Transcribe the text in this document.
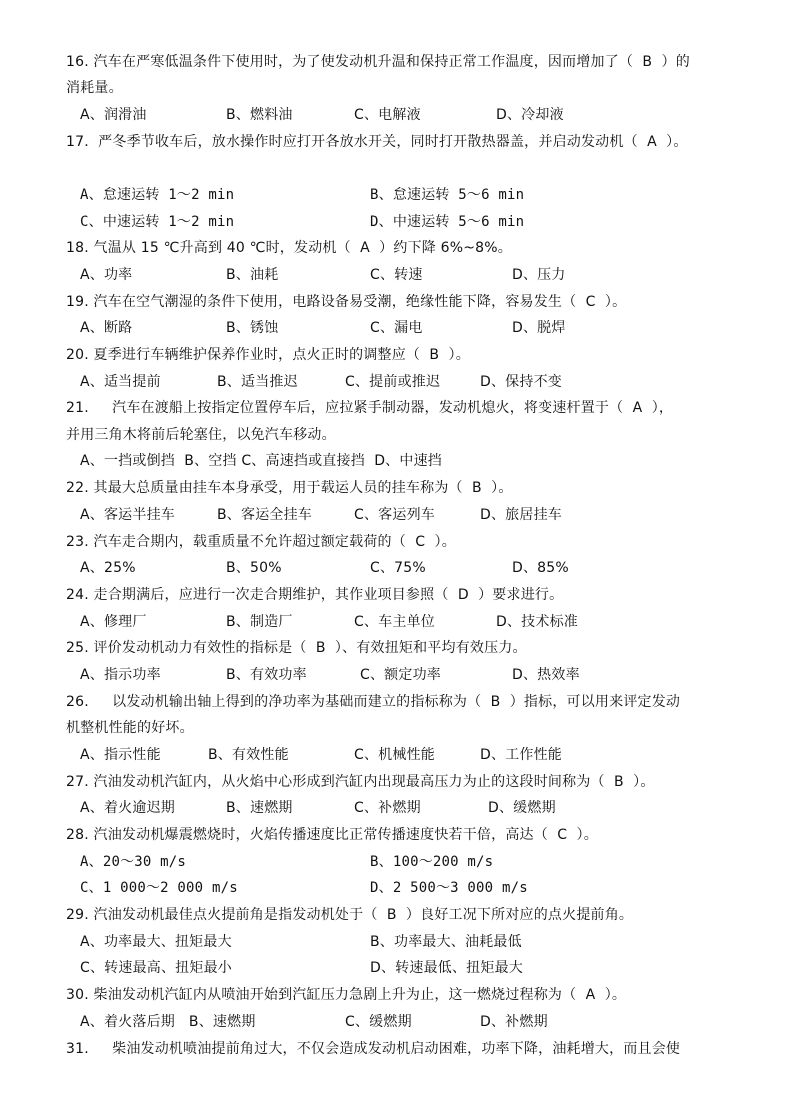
16. 汽车在严寒低温条件下使用时，为了使发动机升温和保持正常工作温度，因而增加了（  B  ）的
消耗量。
A、润滑油	B、燃料油	C、电解液	D、冷却液
17.  严冬季节收车后，放水操作时应打开各放水开关，同时打开散热器盖，并启动发动机（  A  ）。
A、怠速运转 1～2 min	B、怠速运转 5～6 min
C、中速运转 1～2 min	D、中速运转 5～6 min
18. 气温从 15 ℃升高到 40 ℃时，发动机（  A  ）约下降 6%~8%。
A、功率	B、油耗	C、转速	D、压力
19. 汽车在空气潮湿的条件下使用，电路设备易受潮，绝缘性能下降，容易发生（  C  ）。
A、断路	B、锈蚀	C、漏电	D、脱焊
20. 夏季进行车辆维护保养作业时，点火正时的调整应（  B  ）。
A、适当提前	B、适当推迟	C、提前或推迟	D、保持不变
21.     汽车在渡船上按指定位置停车后，应拉紧手制动器，发动机熄火，将变速杆置于（  A  ），
并用三角木将前后轮塞住，以免汽车移动。
A、一挡或倒挡  B、空挡 C、高速挡或直接挡  D、中速挡
22. 其最大总质量由挂车本身承受，用于载运人员的挂车称为（  B  ）。
A、客运半挂车	B、客运全挂车	C、客运列车	D、旅居挂车
23. 汽车走合期内，载重质量不允许超过额定载荷的（  C  ）。
A、25%	B、50%	C、75%	D、85%
24. 走合期满后，应进行一次走合期维护，其作业项目参照（  D  ）要求进行。
A、修理厂	B、制造厂	C、车主单位	D、技术标准
25. 评价发动机动力有效性的指标是（  B  ）、有效扭矩和平均有效压力。
A、指示功率	B、有效功率	C、额定功率	D、热效率
26.     以发动机输出轴上得到的净功率为基础而建立的指标称为（  B  ）指标，可以用来评定发动
机整机性能的好坏。
A、指示性能	B、有效性能	C、机械性能	D、工作性能
27. 汽油发动机汽缸内，从火焰中心形成到汽缸内出现最高压力为止的这段时间称为（  B  ）。
A、着火逾迟期	B、速燃期	C、补燃期	D、缓燃期
28. 汽油发动机爆震燃烧时，火焰传播速度比正常传播速度快若干倍，高达（  C  ）。
A、20～30 m/s	B、100～200 m/s
C、1 000～2 000 m/s	D、2 500～3 000 m/s
29. 汽油发动机最佳点火提前角是指发动机处于（  B  ）良好工况下所对应的点火提前角。
A、功率最大、扭矩最大	B、功率最大、油耗最低
C、转速最高、扭矩最小	D、转速最低、扭矩最大
30. 柴油发动机汽缸内从喷油开始到汽缸压力急剧上升为止，这一燃烧过程称为（  A  ）。
A、着火落后期   B、速燃期	C、缓燃期	D、补燃期
31.     柴油发动机喷油提前角过大，不仅会造成发动机启动困难，功率下降，油耗增大，而且会使
